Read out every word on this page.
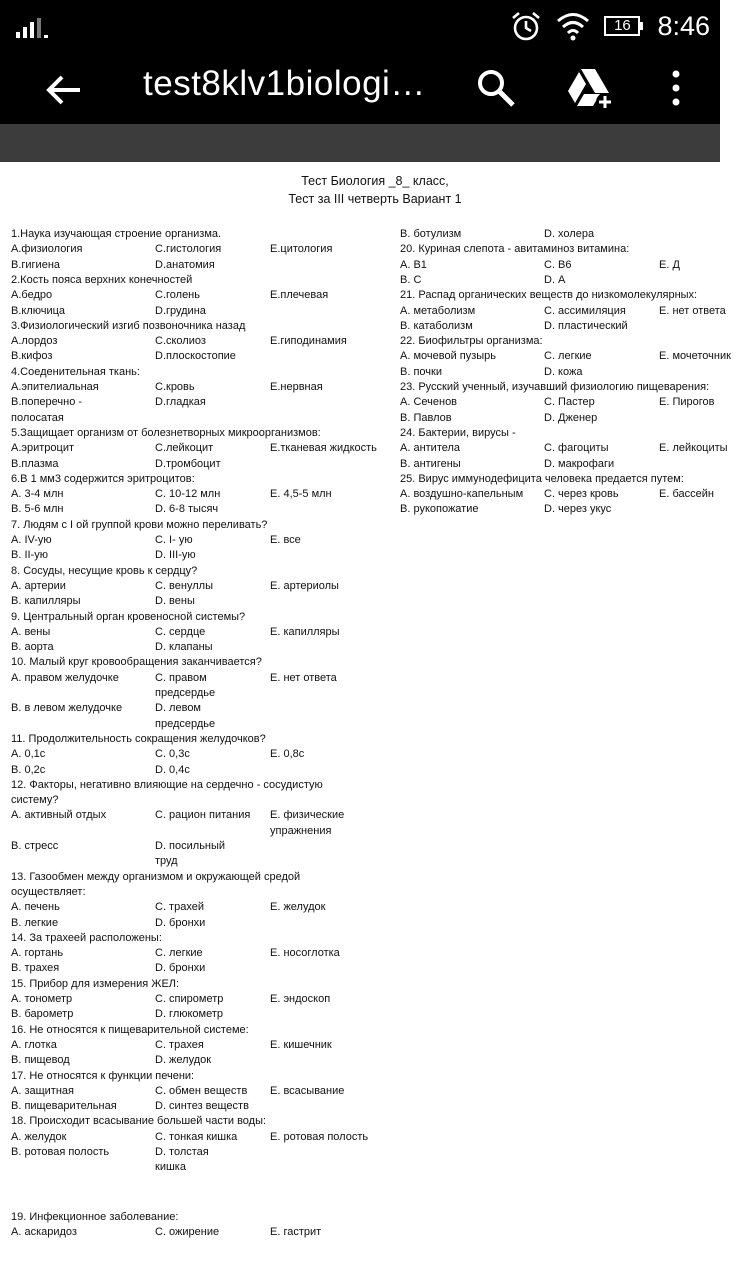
16 8:46
test8klv1biologi…
Тест Биология _8_ класс,
Тест за III четверть Вариант 1
1.Наука изучающая строение организма.
А.физиология	С.гистология	Е.цитология
В.гигиена	D.анатомия
2.Кость пояса верхних конечностей
А.бедро	С.голень	Е.плечевая
В.ключица	D.грудина
3.Физиологический изгиб позвоночника назад
А.лордоз	С.сколиоз	Е.гиподинамия
В.кифоз	D.плоскостопие
4.Соеденительная ткань:
А.эпителиальная	С.кровь	Е.нервная
В.поперечно -	D.гладкая
полосатая
5.Защищает организм от болезнетворных микроорганизмов:
А.эритроцит	С.лейкоцит	Е.тканевая жидкость
В.плазма	D.тромбоцит
6.В 1 мм3 содержится эритроцитов:
А. 3-4 млн	С. 10-12 млн	Е. 4,5-5 млн
В. 5-6 млн	D. 6-8 тысяч
7. Людям с I ой группой крови можно переливать?
А. IV-ую	С. I- ую	Е. все
В. II-ую	D. III-ую
8. Сосуды, несущие кровь к сердцу?
А. артерии	С. венуллы	Е. артериолы
В. капилляры	D. вены
9. Центральный орган кровеносной системы?
А. вены	С. сердце	Е. капилляры
В. аорта	D. клапаны
10. Малый круг кровообращения заканчивается?
А. правом желудочке	С. правом	Е. нет ответа
предсердье
В. в левом желудочке	D. левом
предсердье
11. Продолжительность сокращения желудочков?
А. 0,1с	С. 0,3с	Е. 0,8с
В. 0,2с	D. 0,4с
12. Факторы, негативно влияющие на сердечно - сосудистую
систему?
А. активный отдых	С. рацион питания Е. физические
упражнения
В. стресс	D. посильный
труд
13. Газообмен между организмом и окружающей средой
осуществляет:
А. печень	С. трахей	Е. желудок
В. легкие	D. бронхи
14. За трахеей расположены:
А. гортань	С. легкие	Е. носоглотка
В. трахея	D. бронхи
15. Прибор для измерения ЖЕЛ:
А. тонометр	С. спирометр	Е. эндоскоп
В. барометр	D. глюкометр
16. Не относятся к пищеварительной системе:
А. глотка	С. трахея	Е. кишечник
В. пищевод	D. желудок
17. Не относятся к функции печени:
А. защитная	С. обмен веществ Е. всасывание
В. пищеварительная	D. синтез веществ
18. Происходит всасывание большей части воды:
А. желудок	С. тонкая кишка	Е. ротовая полость
В. ротовая полость	D. толстая
кишка
19. Инфекционное заболевание:
А. аскаридоз	С. ожирение	Е. гастрит
В. ботулизм	D. холера
20. Куриная слепота - авитаминоз витамина:
А. В1	С. В6	Е. Д
В. С	D. А
21. Распад органических веществ до низкомолекулярных:
А. метаболизм	С. ассимиляция	Е. нет ответа
В. катаболизм	D. пластический
22. Биофильтры организма:
А. мочевой пузырь	С. легкие	Е. мочеточник
В. почки	D. кожа
23. Русский ученный, изучавший физиологию пищеварения:
А. Сеченов	С. Пастер	Е. Пирогов
В. Павлов	D. Дженер
24. Бактерии, вирусы -
А. антитела	С. фагоциты	Е. лейкоциты
В. антигены	D. макрофаги
25. Вирус иммунодефицита человека предается путем:
А. воздушно-капельным С. через кровь	Е. бассейн
В. рукопожатие	D. через укус
